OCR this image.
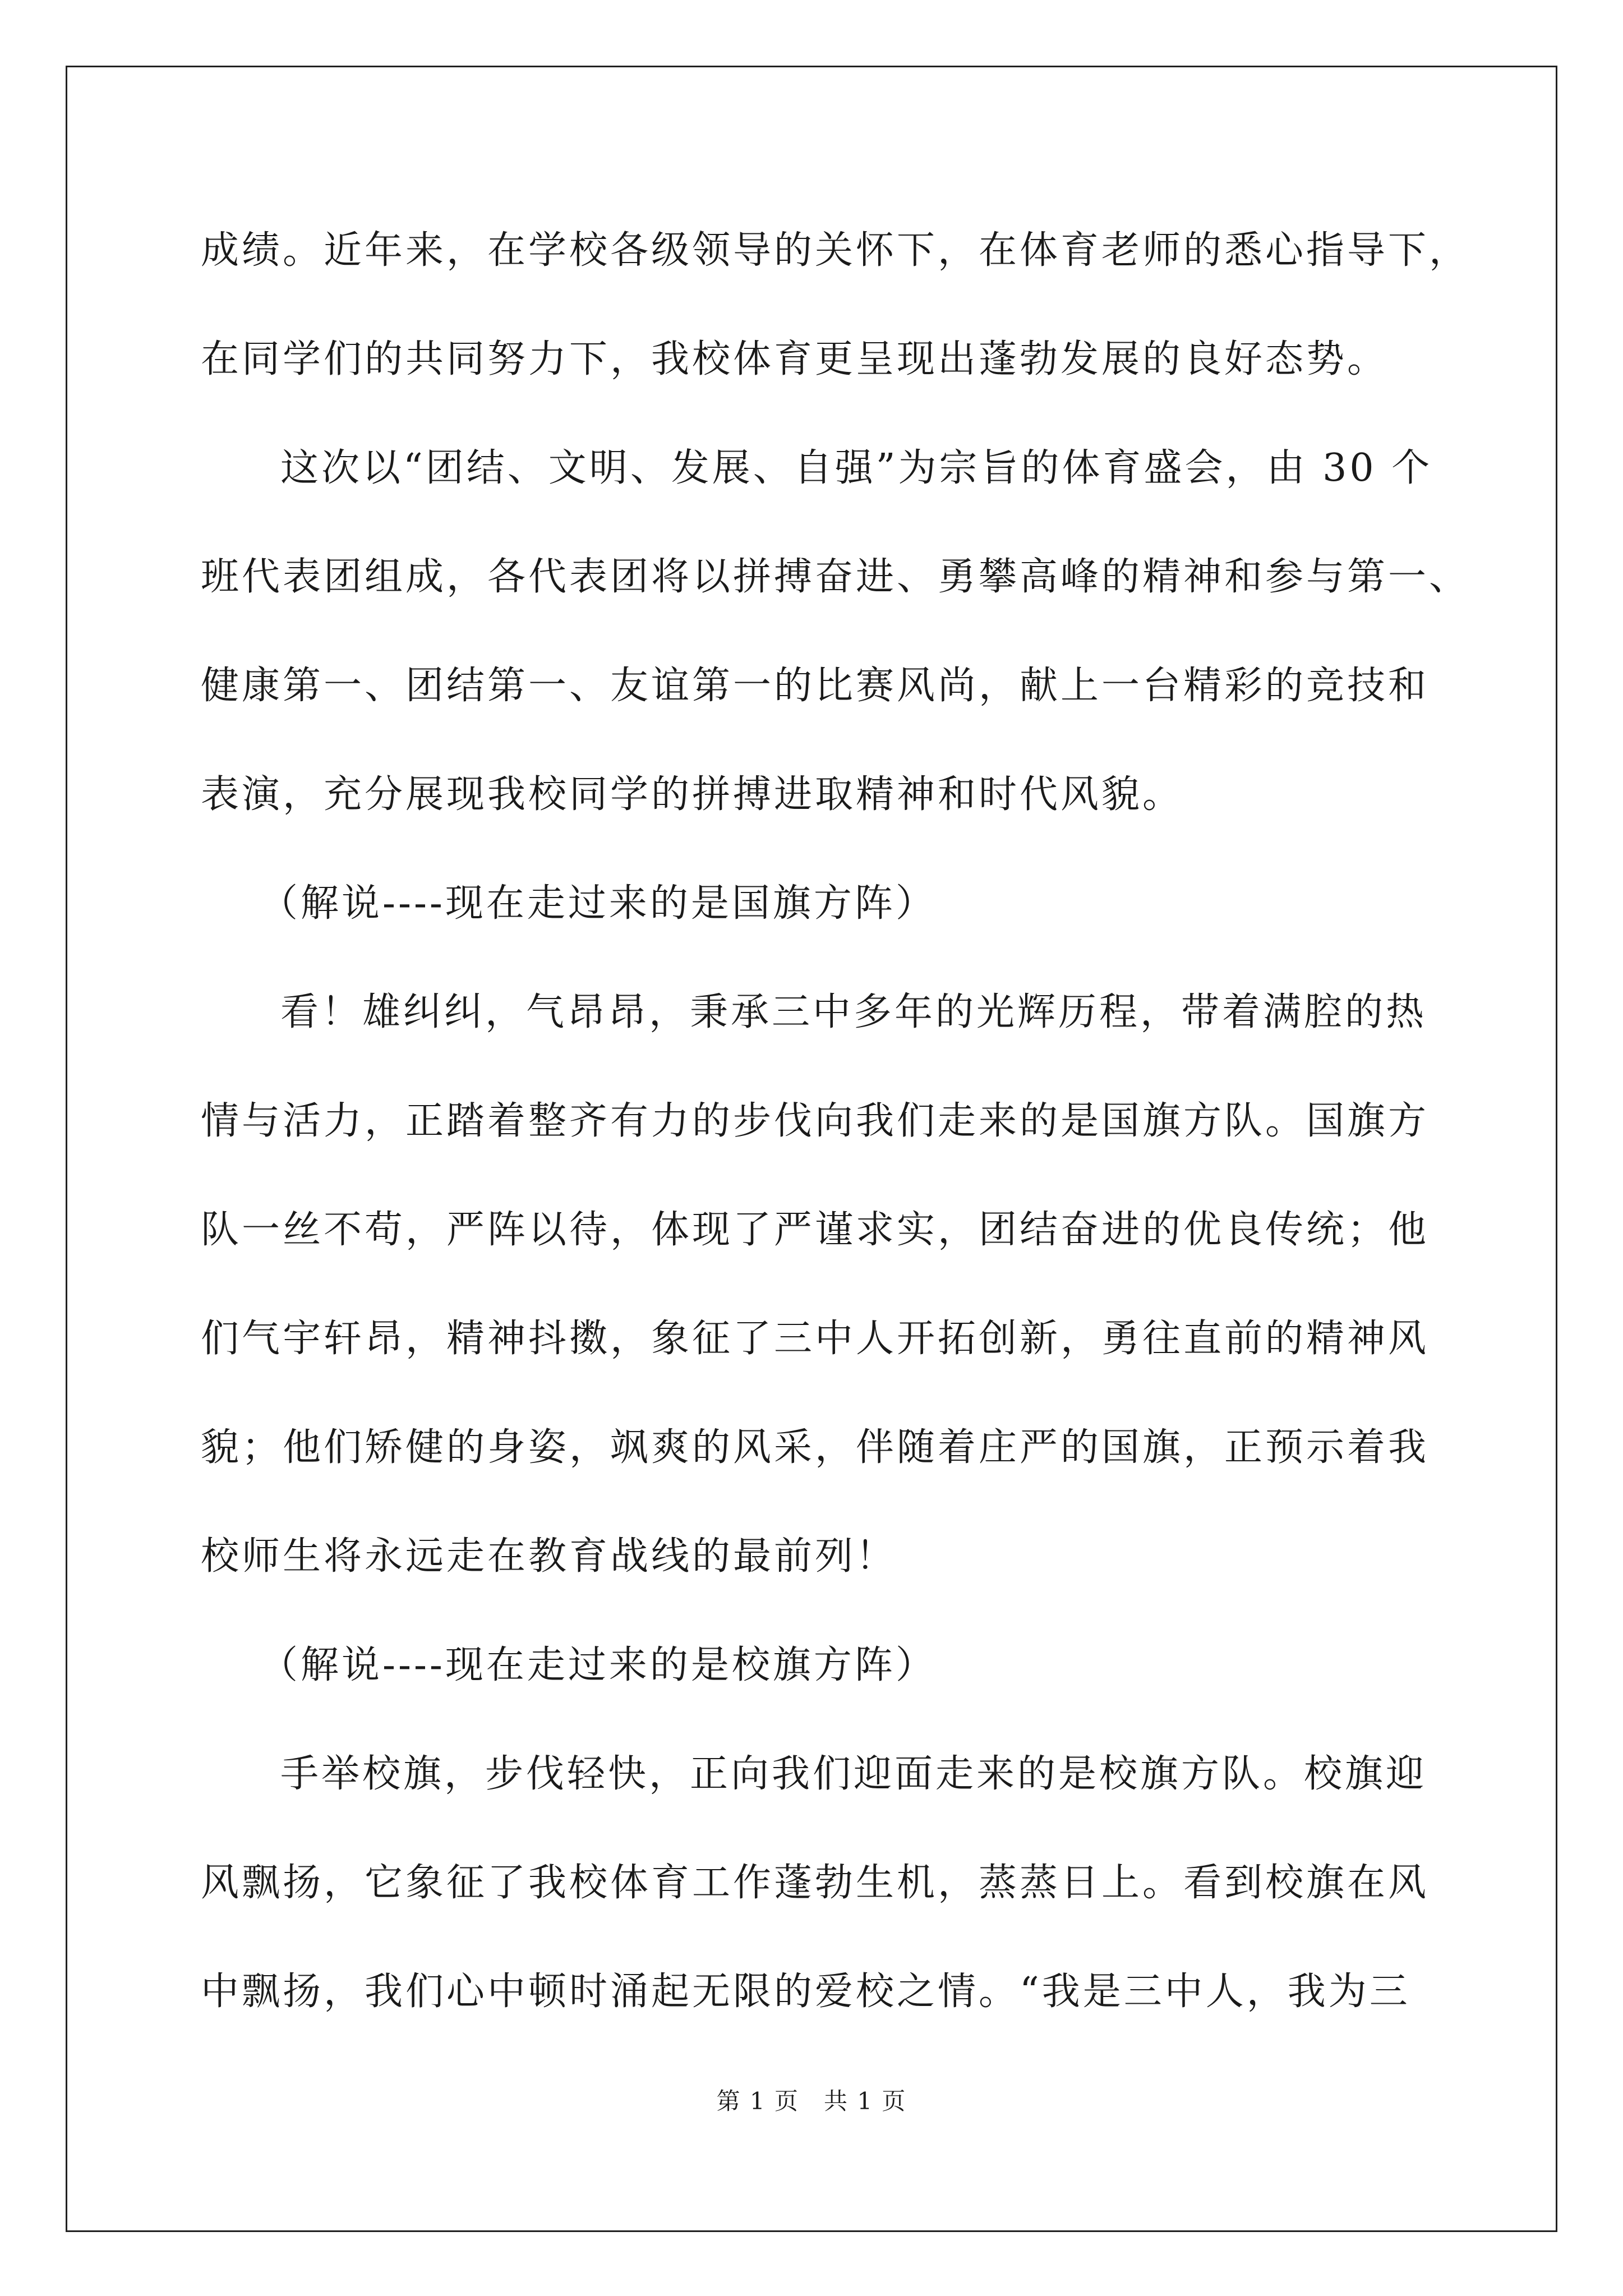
成绩。近年来，在学校各级领导的关怀下，在体育老师的悉心指导下，
在同学们的共同努力下，我校体育更呈现出蓬勃发展的良好态势。
这次以“团结、文明、发展、自强”为宗旨的体育盛会，由 30 个
班代表团组成，各代表团将以拼搏奋进、勇攀高峰的精神和参与第一、
健康第一、团结第一、友谊第一的比赛风尚，献上一台精彩的竞技和
表演，充分展现我校同学的拼搏进取精神和时代风貌。
（解说----现在走过来的是国旗方阵）
看！雄纠纠，气昂昂，秉承三中多年的光辉历程，带着满腔的热
情与活力，正踏着整齐有力的步伐向我们走来的是国旗方队。国旗方
队一丝不苟，严阵以待，体现了严谨求实，团结奋进的优良传统；他
们气宇轩昂，精神抖擞，象征了三中人开拓创新，勇往直前的精神风
貌；他们矫健的身姿，飒爽的风采，伴随着庄严的国旗，正预示着我
校师生将永远走在教育战线的最前列！
（解说----现在走过来的是校旗方阵）
手举校旗，步伐轻快，正向我们迎面走来的是校旗方队。校旗迎
风飘扬，它象征了我校体育工作蓬勃生机，蒸蒸日上。看到校旗在风
中飘扬，我们心中顿时涌起无限的爱校之情。“我是三中人，我为三
第 1 页　共 1 页
